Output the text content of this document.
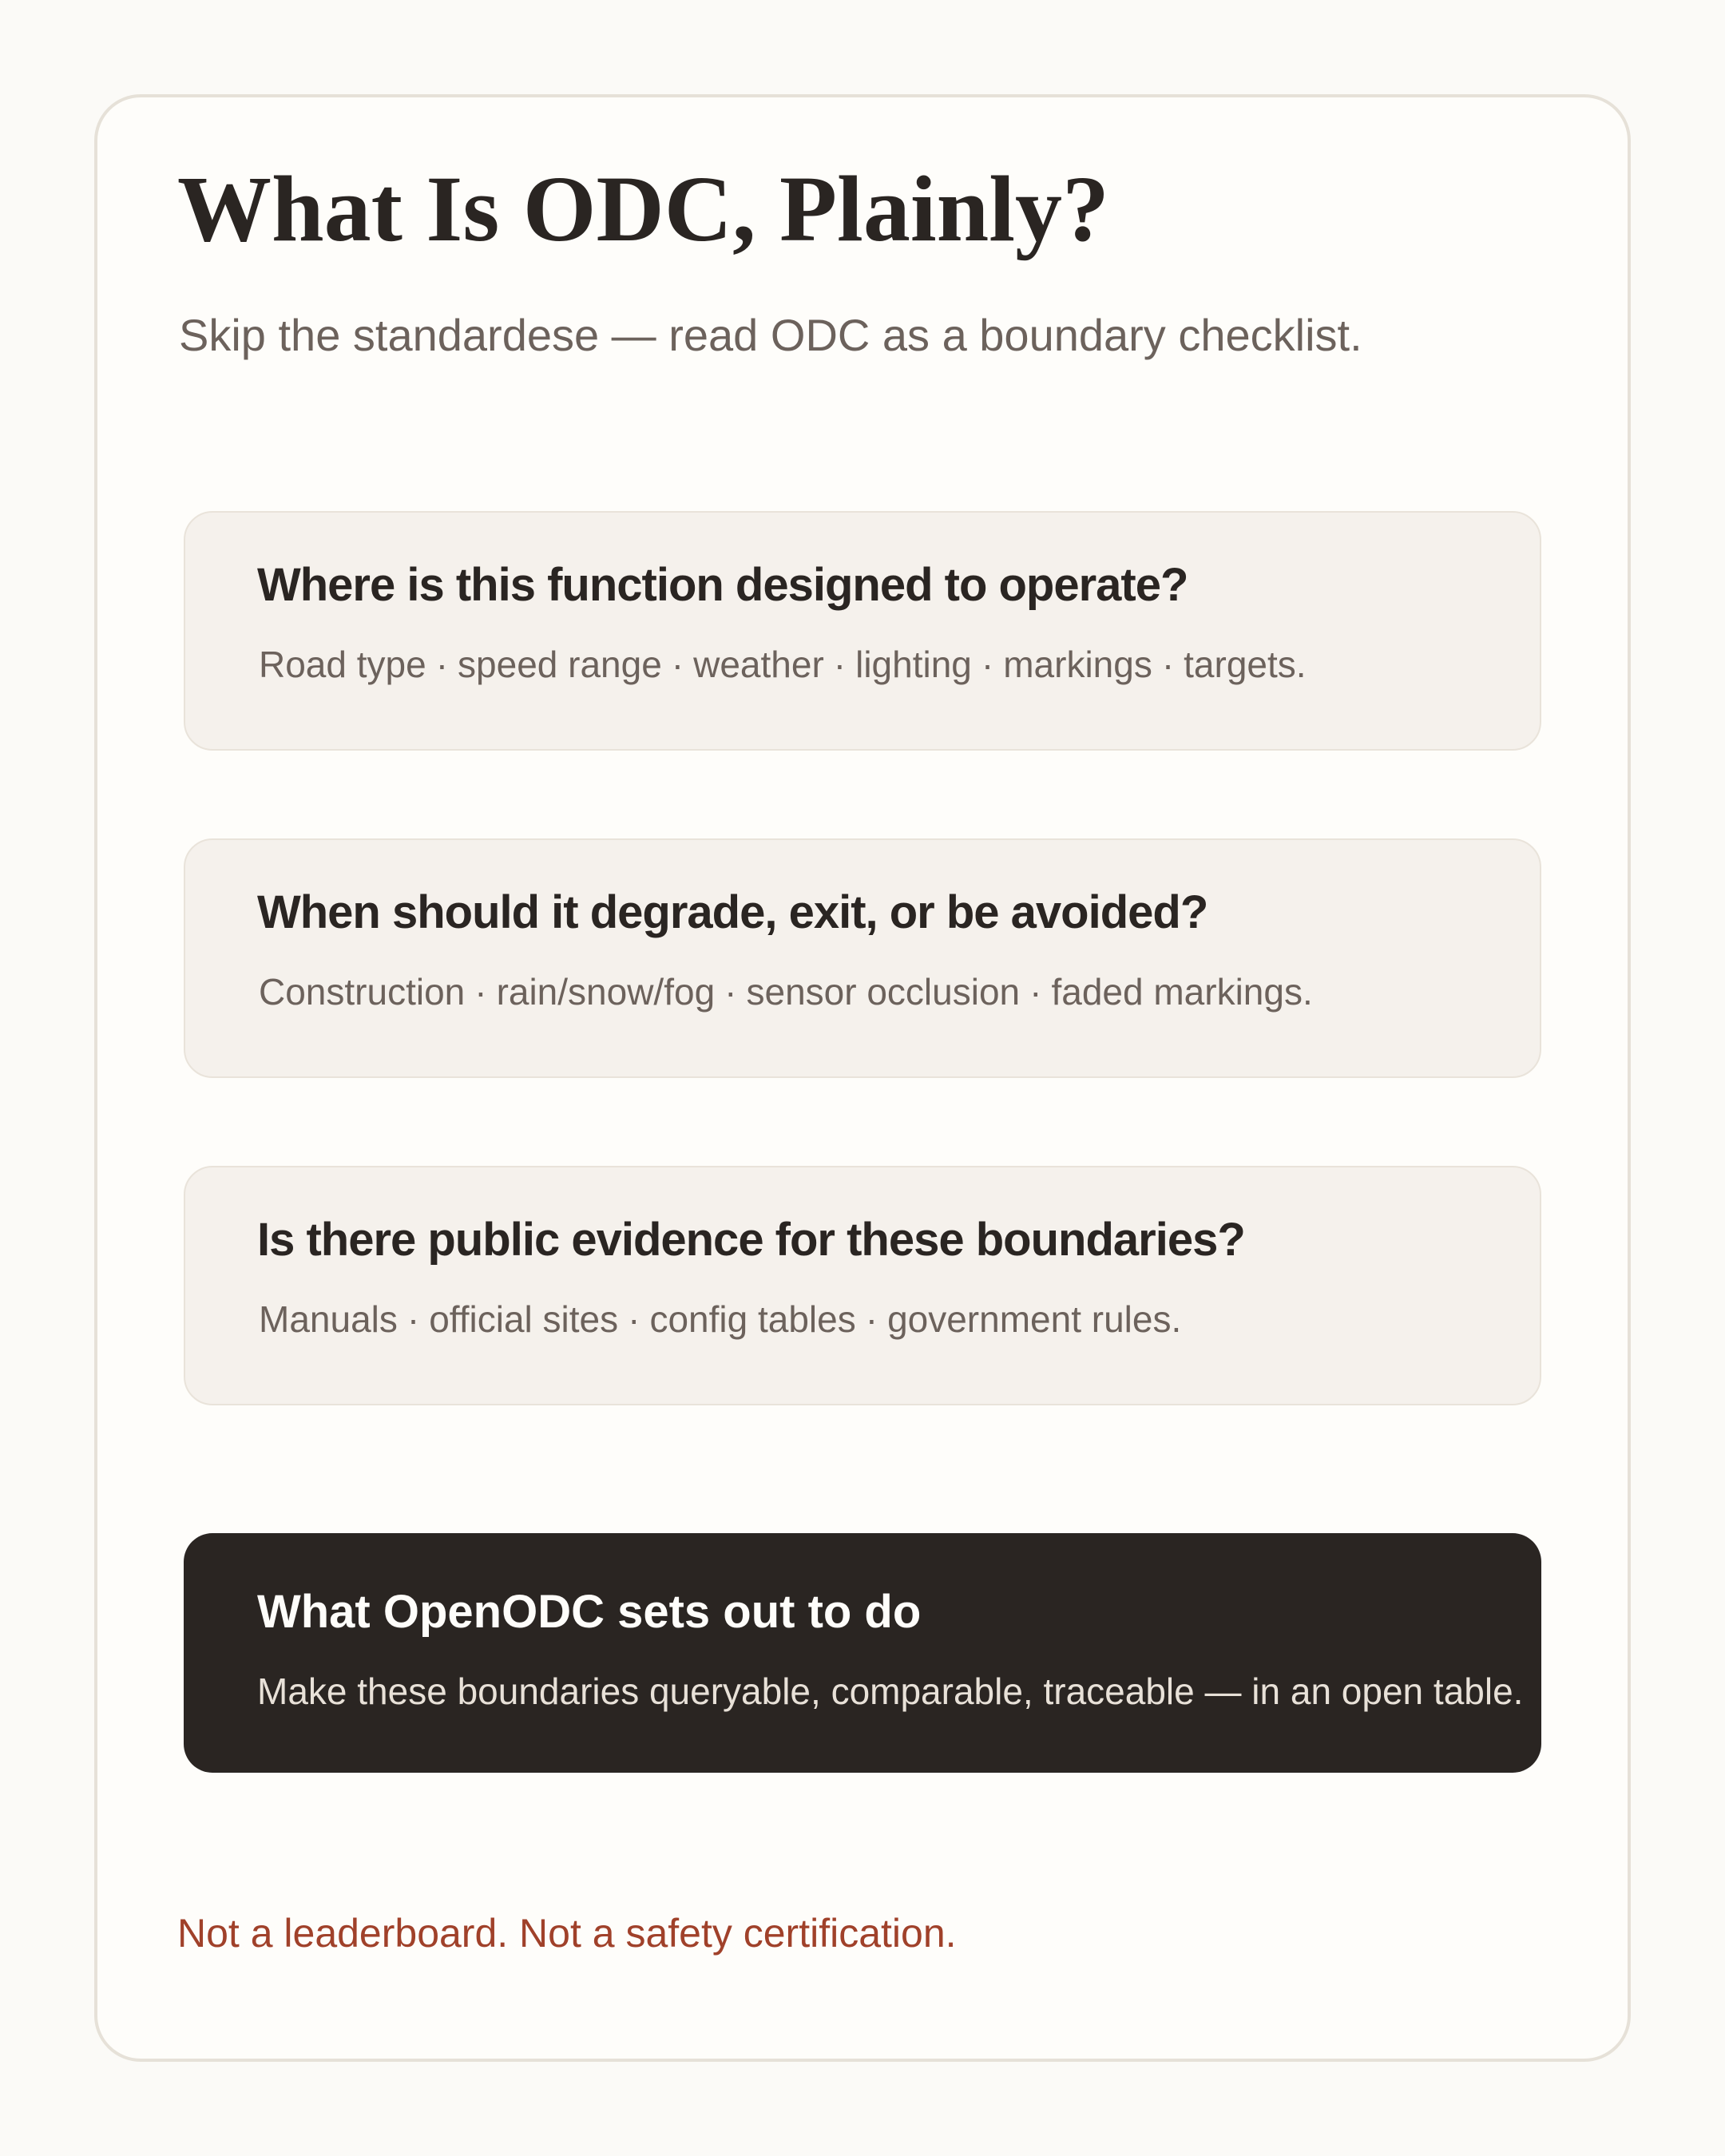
What Is ODC, Plainly?

Skip the standardese — read ODC as a boundary checklist.

Where is this function designed to operate?

Road type · speed range · weather · lighting · markings · targets.

When should it degrade, exit, or be avoided?

Construction · rain/snow/fog · sensor occlusion · faded markings.

Is there public evidence for these boundaries?

Manuals · official sites · config tables · government rules.

What OpenODC sets out to do

Make these boundaries queryable, comparable, traceable — in an open table.

Not a leaderboard. Not a safety certification.
